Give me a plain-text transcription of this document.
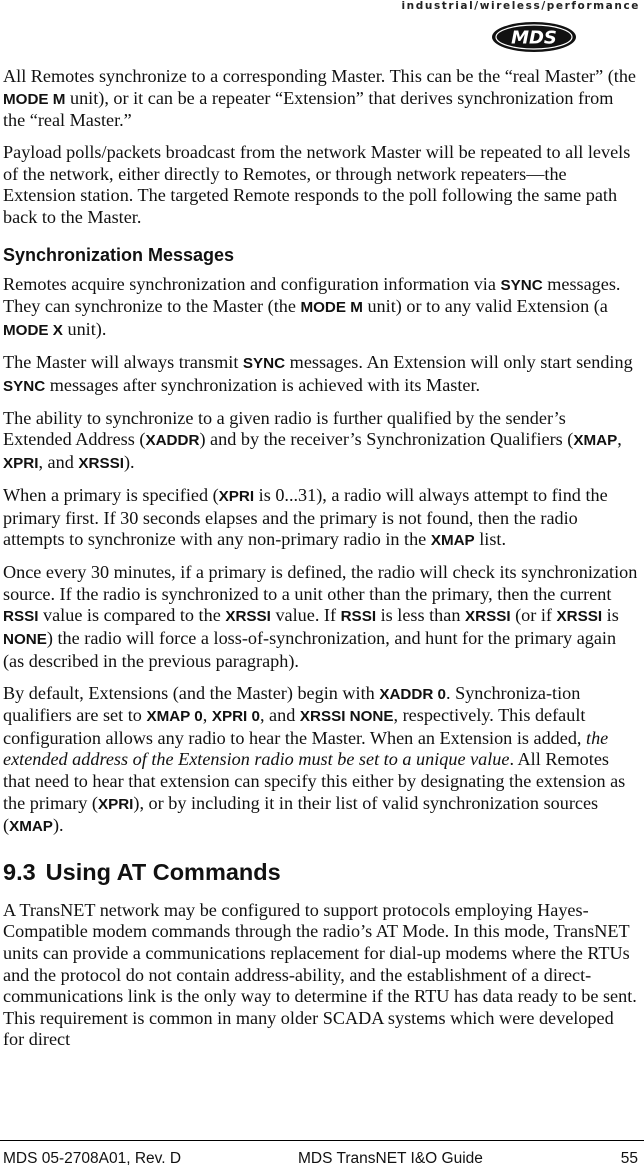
industrial/wireless/performance
MDS

All Remotes synchronize to a corresponding Master. This can be the “real Master” (the MODE M unit), or it can be a repeater “Extension” that derives synchronization from the “real Master.”

Payload polls/packets broadcast from the network Master will be repeated to all levels of the network, either directly to Remotes, or through network repeaters—the Extension station. The targeted Remote responds to the poll following the same path back to the Master.

Synchronization Messages

Remotes acquire synchronization and configuration information via SYNC messages. They can synchronize to the Master (the MODE M unit) or to any valid Extension (a MODE X unit).

The Master will always transmit SYNC messages. An Extension will only start sending SYNC messages after synchronization is achieved with its Master.

The ability to synchronize to a given radio is further qualified by the sender’s Extended Address (XADDR) and by the receiver’s Synchronization Qualifiers (XMAP, XPRI, and XRSSI).

When a primary is specified (XPRI is 0...31), a radio will always attempt to find the primary first. If 30 seconds elapses and the primary is not found, then the radio attempts to synchronize with any non-primary radio in the XMAP list.

Once every 30 minutes, if a primary is defined, the radio will check its synchronization source. If the radio is synchronized to a unit other than the primary, then the current RSSI value is compared to the XRSSI value. If RSSI is less than XRSSI (or if XRSSI is NONE) the radio will force a loss-of-synchronization, and hunt for the primary again (as described in the previous paragraph).

By default, Extensions (and the Master) begin with XADDR 0. Synchroniza-tion qualifiers are set to XMAP 0, XPRI 0, and XRSSI NONE, respectively. This default configuration allows any radio to hear the Master. When an Extension is added, the extended address of the Extension radio must be set to a unique value. All Remotes that need to hear that extension can specify this either by designating the extension as the primary (XPRI), or by including it in their list of valid synchronization sources (XMAP).

9.3 Using AT Commands

A TransNET network may be configured to support protocols employing Hayes-Compatible modem commands through the radio’s AT Mode. In this mode, TransNET units can provide a communications replacement for dial-up modems where the RTUs and the protocol do not contain address-ability, and the establishment of a direct-communications link is the only way to determine if the RTU has data ready to be sent. This requirement is common in many older SCADA systems which were developed for direct

MDS 05-2708A01, Rev. D	MDS TransNET I&O Guide	55
